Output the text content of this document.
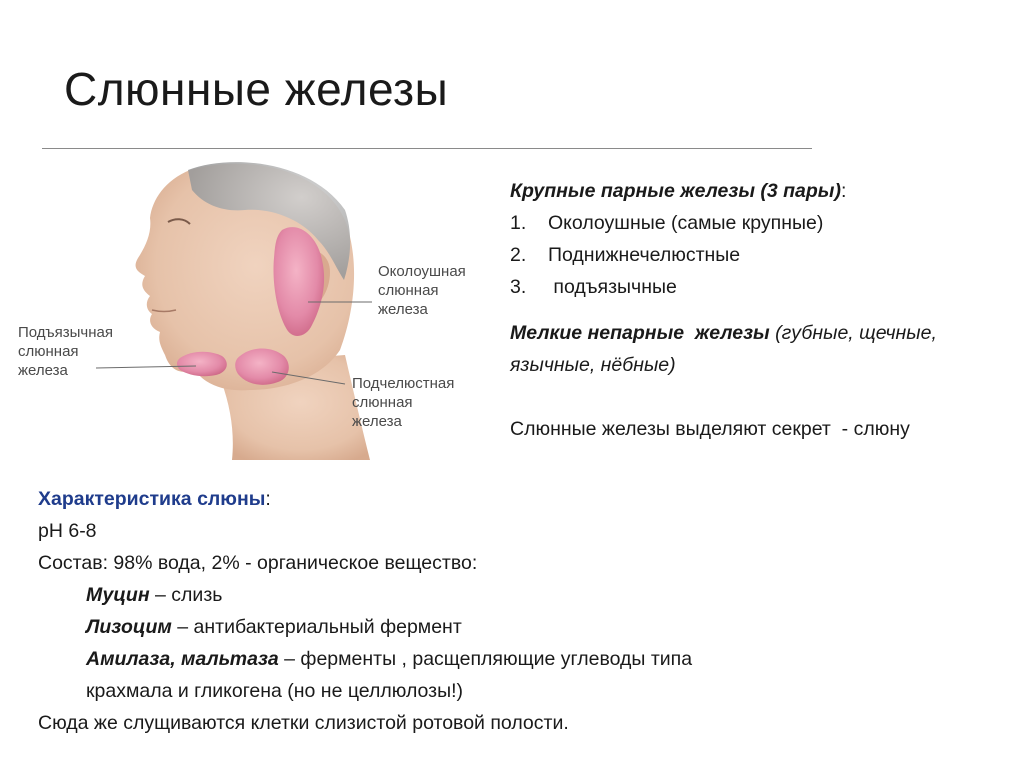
Слюнные железы
Околоушная
слюнная
железа
Подъязычная
слюнная
железа
Подчелюстная
слюнная
железа

Крупные парные железы (3 пары):

1.	Околоушные (самые крупные)
2.	Поднижнечелюстные
3.	подъязычные

Мелкие непарные  железы (губные, щечные, язычные, нёбные)

Слюнные железы выделяют секрет  - слюну

Характеристика слюны:

pH 6-8

Состав: 98% вода, 2% - органическое вещество:

Муцин – слизь

Лизоцим – антибактериальный фермент

Амилаза, мальтаза – ферменты , расщепляющие углеводы типа

крахмала и гликогена (но не целлюлозы!)

Сюда же слущиваются клетки слизистой ротовой полости.
